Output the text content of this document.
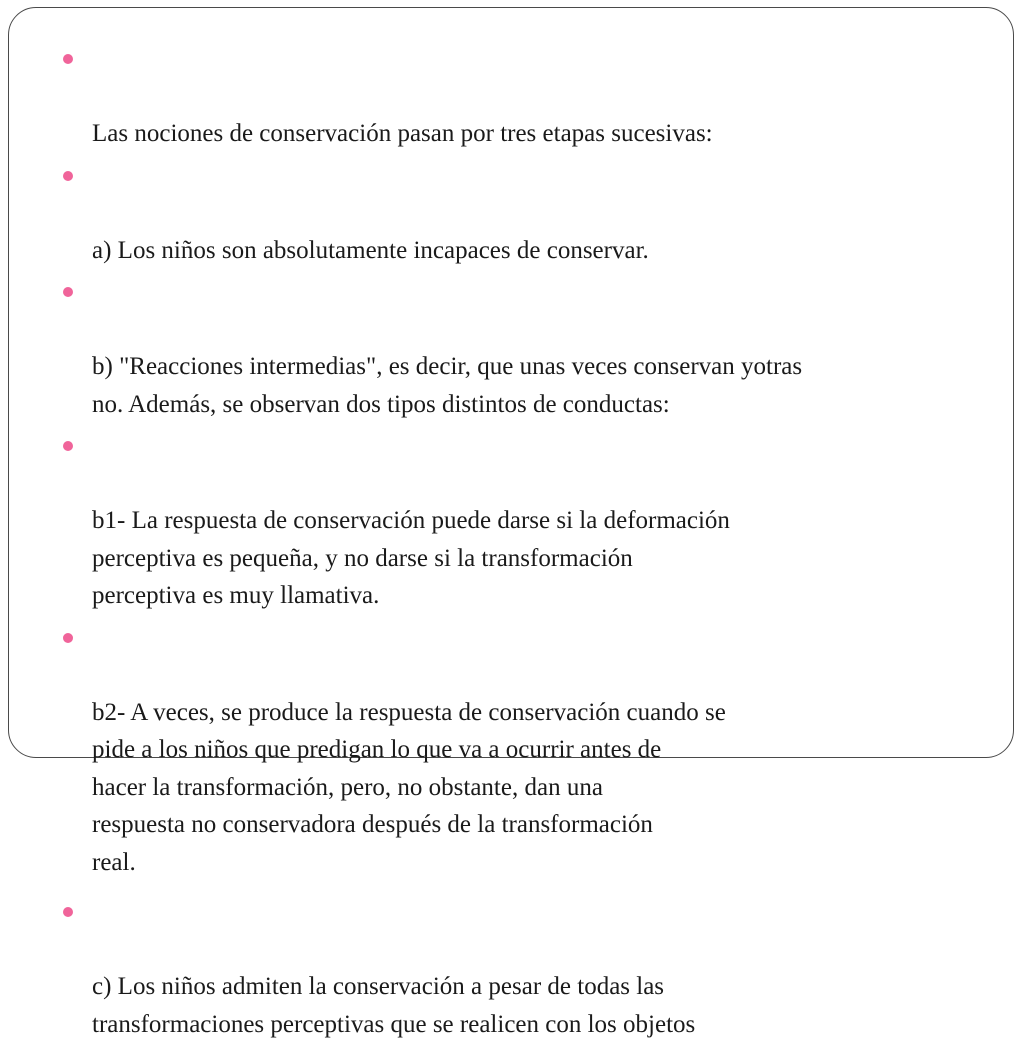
Las nociones de conservación pasan por tres etapas sucesivas:

a) Los niños son absolutamente incapaces de conservar.

b) "Reacciones intermedias", es decir, que unas veces conservan yotras
no. Además, se observan dos tipos distintos de conductas:

b1- La respuesta de conservación puede darse si la deformación
perceptiva es pequeña, y no darse si la transformación
perceptiva es muy llamativa.

b2- A veces, se produce la respuesta de conservación cuando se
pide a los niños que predigan lo que va a ocurrir antes de
hacer la transformación, pero, no obstante, dan una
respuesta no conservadora después de la transformación
real.

c) Los niños admiten la conservación a pesar de todas las
transformaciones perceptivas que se realicen con los objetos
